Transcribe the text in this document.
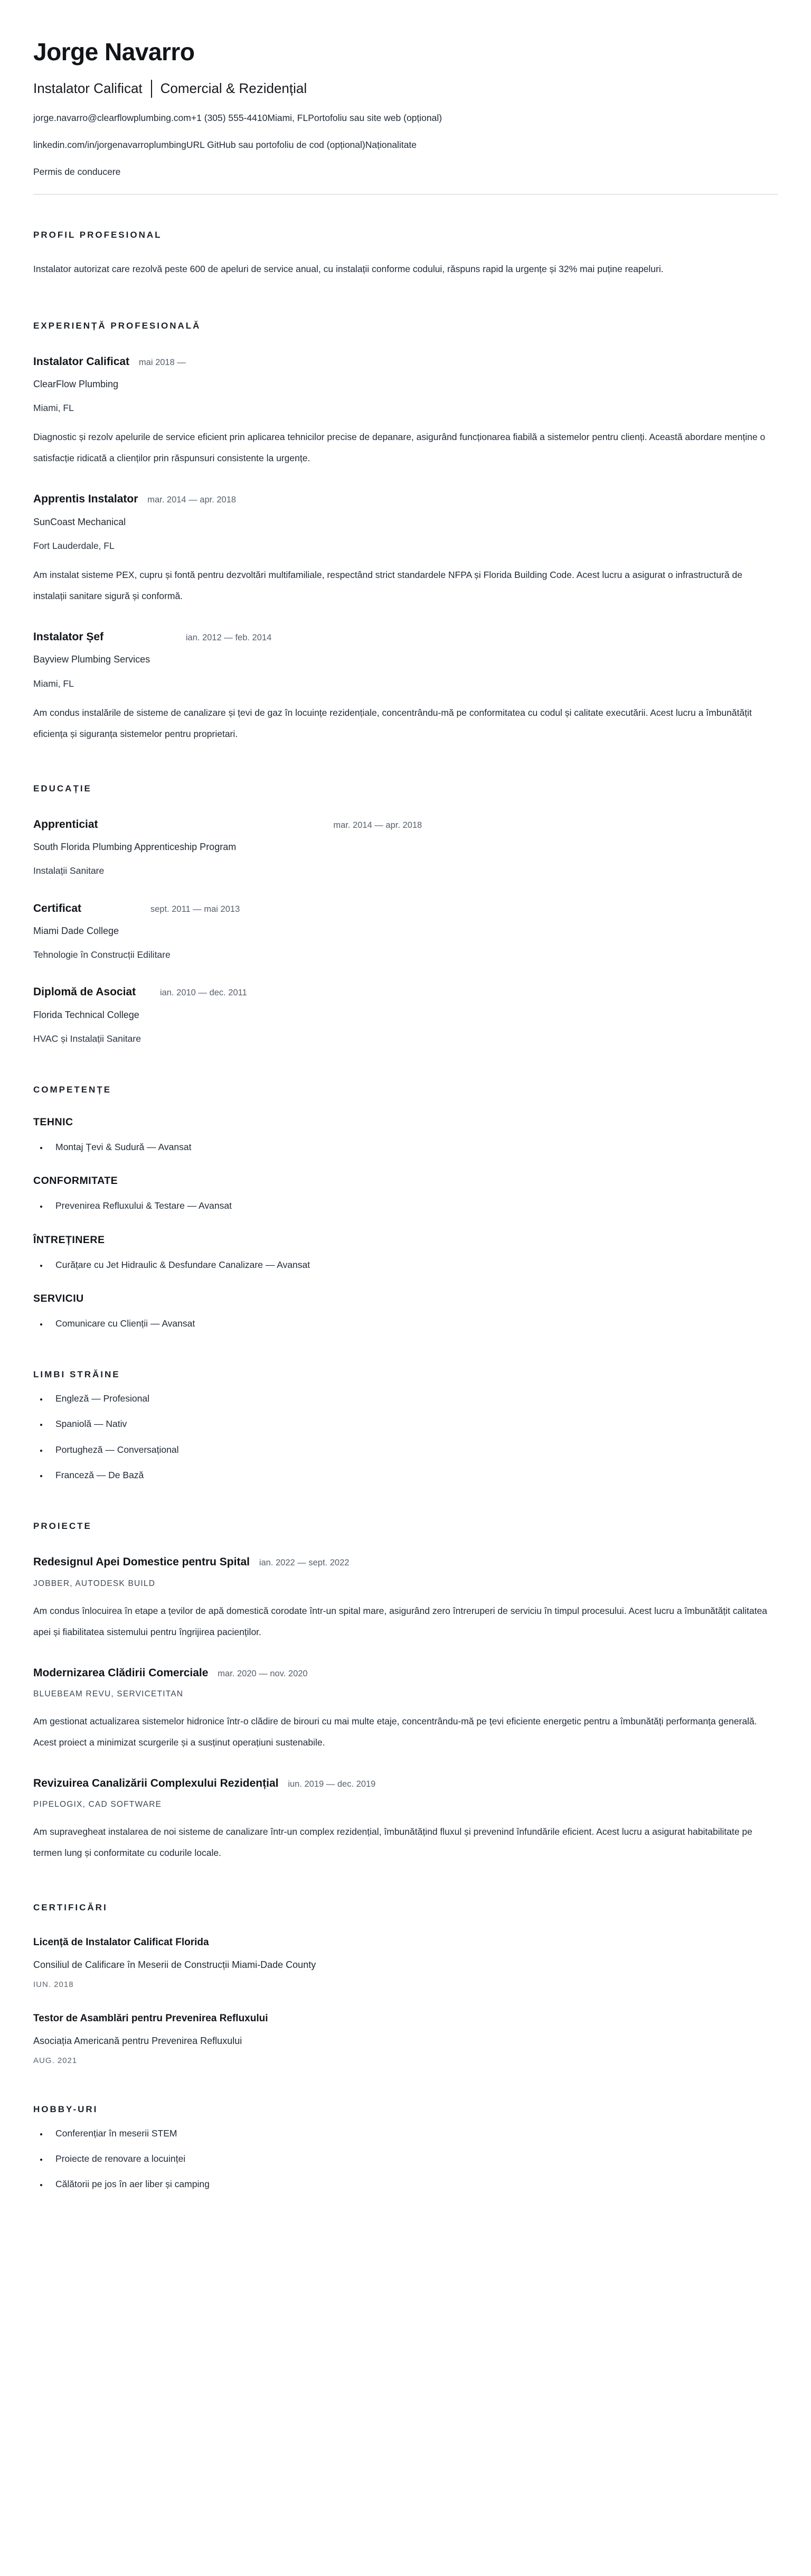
Jorge Navarro
Instalator Calificat Comercial & Rezidențial
jorge.navarro@clearflowplumbing.com+1 (305) 555-4410Miami, FLPortofoliu sau site web (opțional)
linkedin.com/in/jorgenavarroplumbingURL GitHub sau portofoliu de cod (opțional)Naționalitate
Permis de conducere
PROFIL PROFESIONAL

Instalator autorizat care rezolvă peste 600 de apeluri de service anual, cu instalații conforme codului, răspuns rapid la urgențe și 32% mai puține reapeluri.

EXPERIENȚĂ PROFESIONALĂ
Instalator Calificat mai 2018 —
ClearFlow Plumbing
Miami, FL

Diagnostic și rezolv apelurile de service eficient prin aplicarea tehnicilor precise de depanare, asigurând funcționarea fiabilă a sistemelor pentru clienți. Această abordare menține o satisfacție ridicată a clienților prin răspunsuri consistente la urgențe.

Apprentis Instalator mar. 2014 — apr. 2018
SunCoast Mechanical
Fort Lauderdale, FL

Am instalat sisteme PEX, cupru și fontă pentru dezvoltări multifamiliale, respectând strict standardele NFPA și Florida Building Code. Acest lucru a asigurat o infrastructură de instalații sanitare sigură și conformă.

Instalator Șef	ian. 2012 — feb. 2014
Bayview Plumbing Services
Miami, FL

Am condus instalările de sisteme de canalizare și țevi de gaz în locuințe rezidențiale, concentrându-mă pe conformitatea cu codul și calitate executării. Acest lucru a îmbunătățit eficiența și siguranța sistemelor pentru proprietari.

EDUCAȚIE
Apprenticiat	mar. 2014 — apr. 2018
South Florida Plumbing Apprenticeship Program
Instalații Sanitare
Certificat	sept. 2011 — mai 2013
Miami Dade College
Tehnologie în Construcții Edilitare
Diplomă de Asociat	ian. 2010 — dec. 2011
Florida Technical College
HVAC și Instalații Sanitare
COMPETENȚE
TEHNIC
• Montaj Țevi & Sudură — Avansat
CONFORMITATE
• Prevenirea Refluxului & Testare — Avansat
ÎNTREȚINERE
• Curățare cu Jet Hidraulic & Desfundare Canalizare — Avansat
SERVICIU
• Comunicare cu Clienții — Avansat
LIMBI STRĂINE
• Engleză — Profesional
• Spaniolă — Nativ
• Portugheză — Conversațional
• Franceză — De Bază
PROIECTE
Redesignul Apei Domestice pentru Spital ian. 2022 — sept. 2022
JOBBER, AUTODESK BUILD

Am condus înlocuirea în etape a țevilor de apă domestică corodate într-un spital mare, asigurând zero întreruperi de serviciu în timpul procesului. Acest lucru a îmbunătățit calitatea apei și fiabilitatea sistemului pentru îngrijirea pacienților.

Modernizarea Clădirii Comerciale mar. 2020 — nov. 2020
BLUEBEAM REVU, SERVICETITAN

Am gestionat actualizarea sistemelor hidronice într-o clădire de birouri cu mai multe etaje, concentrându-mă pe țevi eficiente energetic pentru a îmbunătăți performanța generală. Acest proiect a minimizat scurgerile și a susținut operațiuni sustenabile.

Revizuirea Canalizării Complexului Rezidențial iun. 2019 — dec. 2019
PIPELOGIX, CAD SOFTWARE

Am supravegheat instalarea de noi sisteme de canalizare într-un complex rezidențial, îmbunătățind fluxul și prevenind înfundările eficient. Acest lucru a asigurat habitabilitate pe termen lung și conformitate cu codurile locale.

CERTIFICĂRI
Licență de Instalator Calificat Florida
Consiliul de Calificare în Meserii de Construcții Miami-Dade County
IUN. 2018
Testor de Asamblări pentru Prevenirea Refluxului
Asociația Americană pentru Prevenirea Refluxului
AUG. 2021
HOBBY-URI
• Conferențiar în meserii STEM
• Proiecte de renovare a locuinței
• Călătorii pe jos în aer liber și camping
